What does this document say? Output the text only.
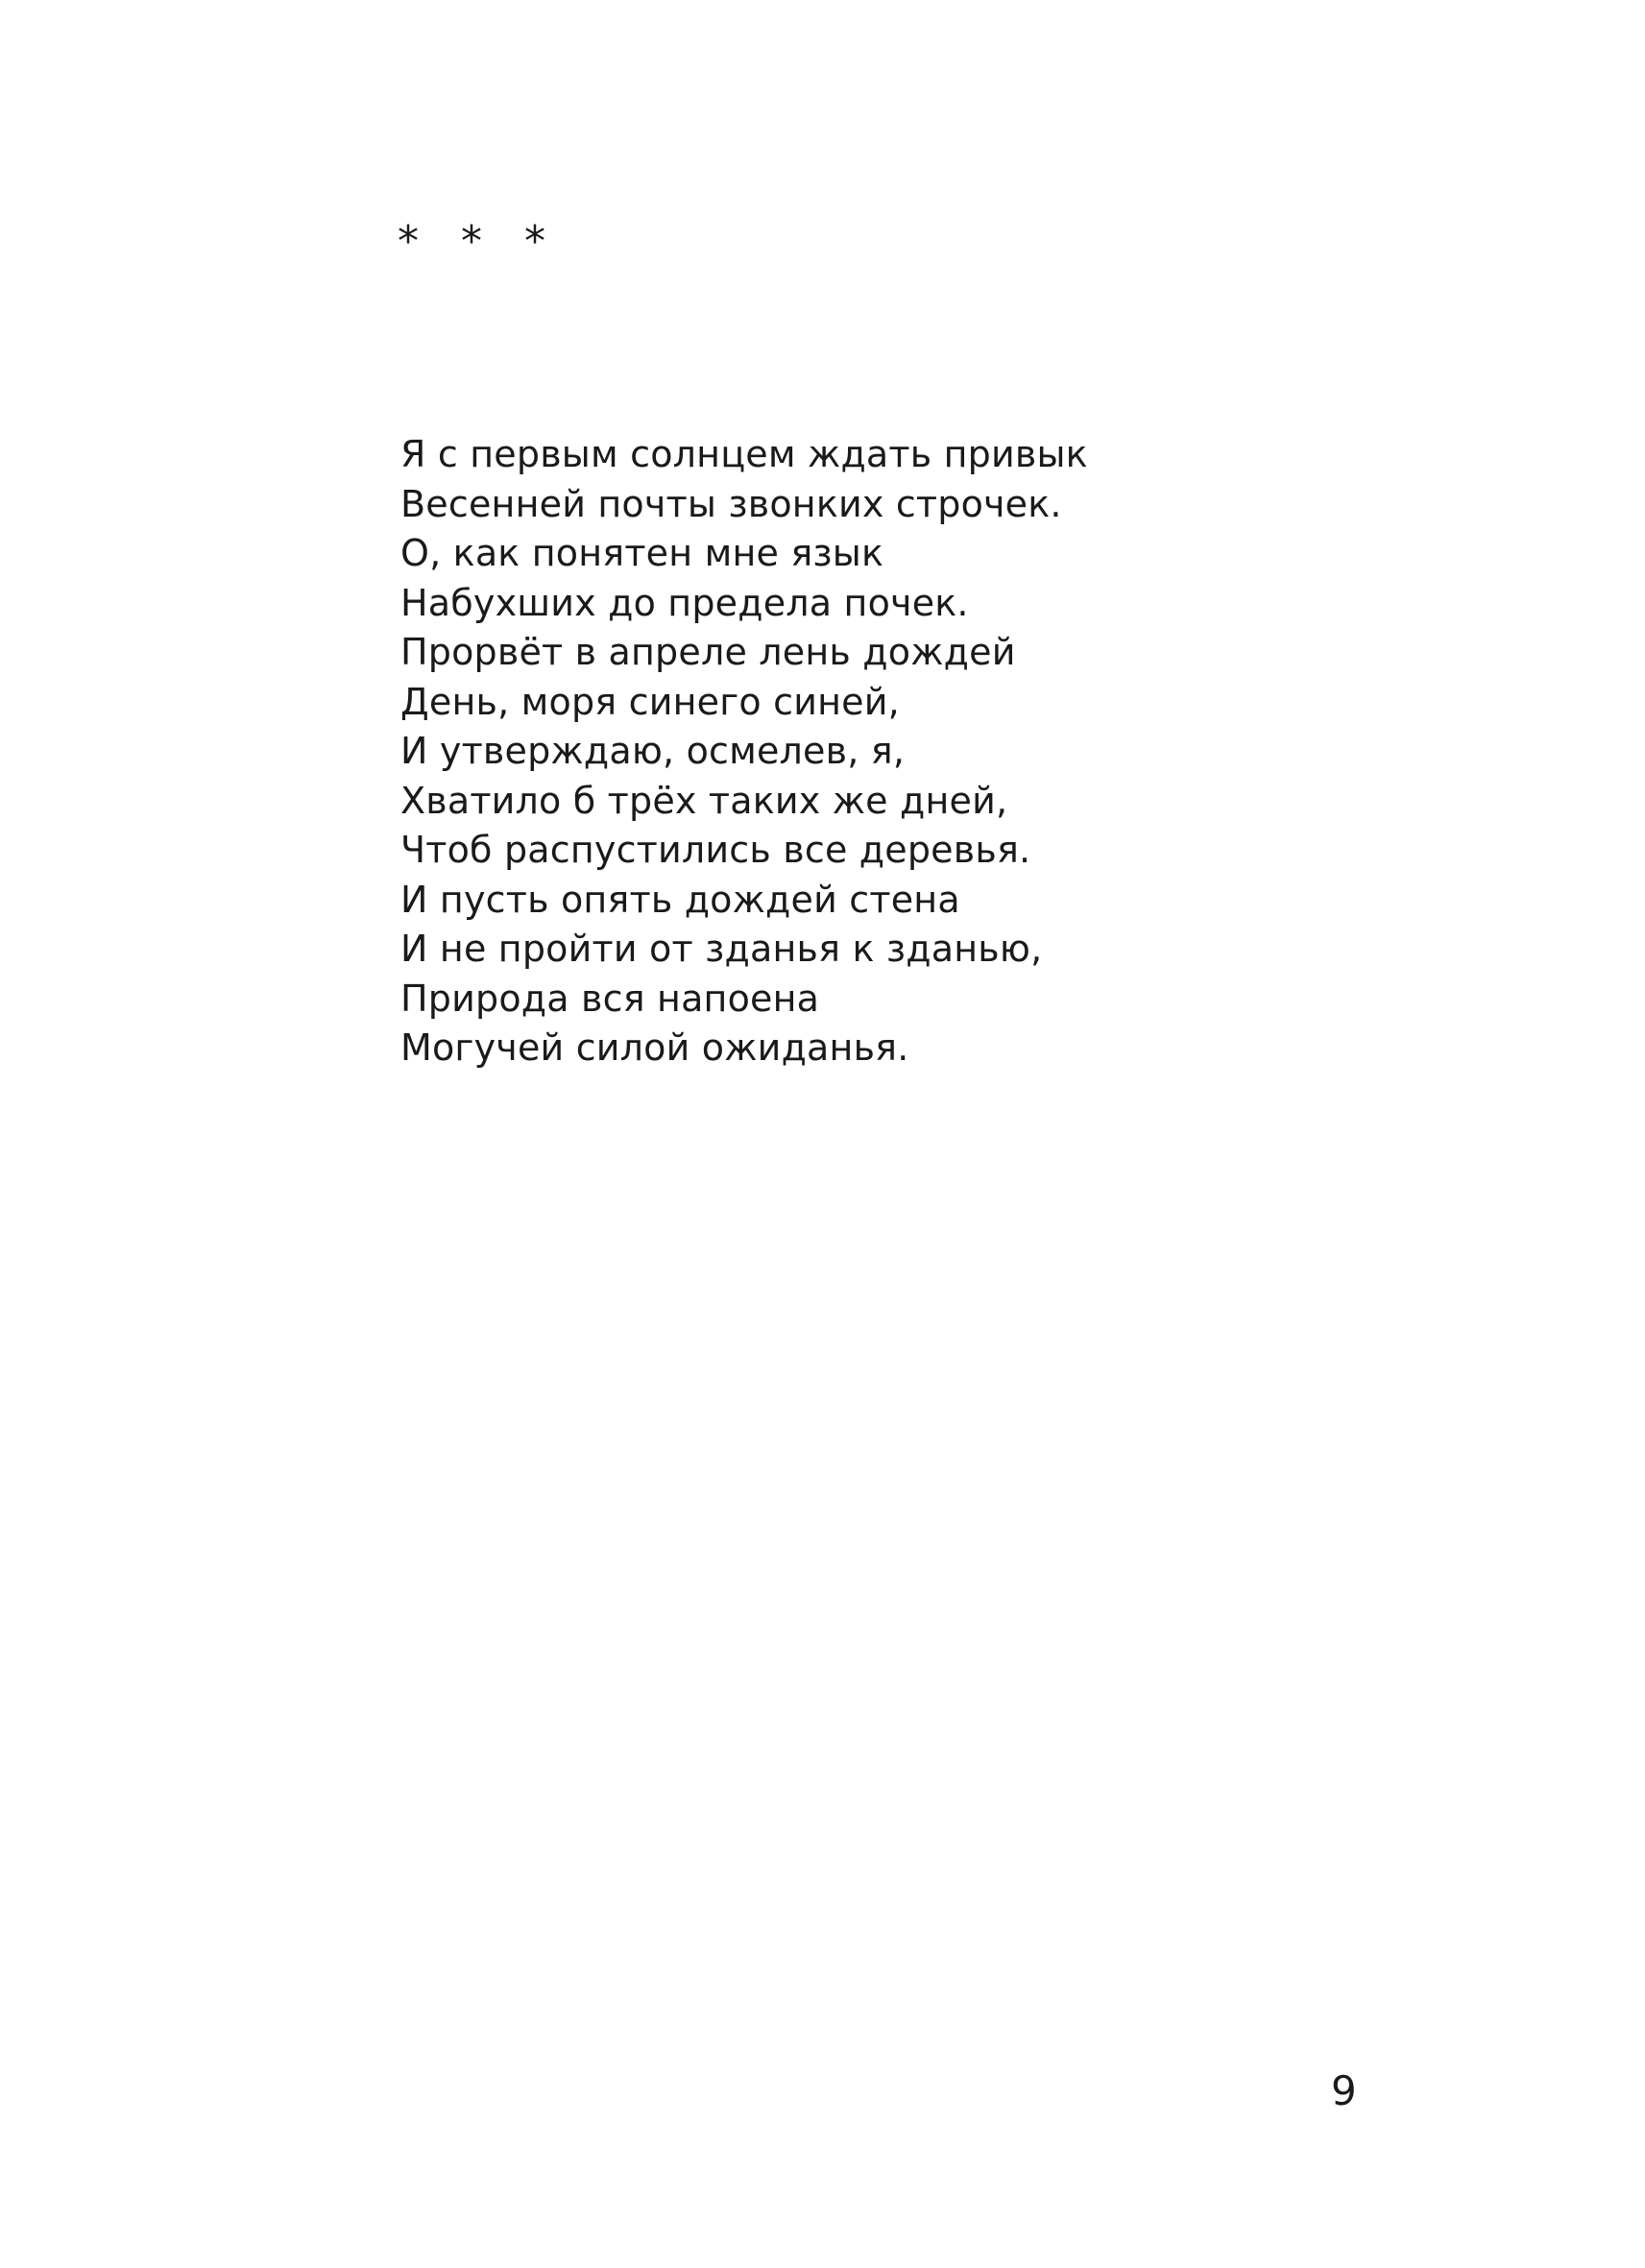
* * *
Я с первым солнцем ждать привык
Весенней почты звонких строчек.
О, как понятен мне язык
Набухших до предела почек.
Прорвёт в апреле лень дождей
День, моря синего синей,
И утверждаю, осмелев, я,
Хватило б трёх таких же дней,
Чтоб распустились все деревья.
И пусть опять дождей стена
И не пройти от зданья к зданью,
Природа вся напоена
Могучей силой ожиданья.
9
